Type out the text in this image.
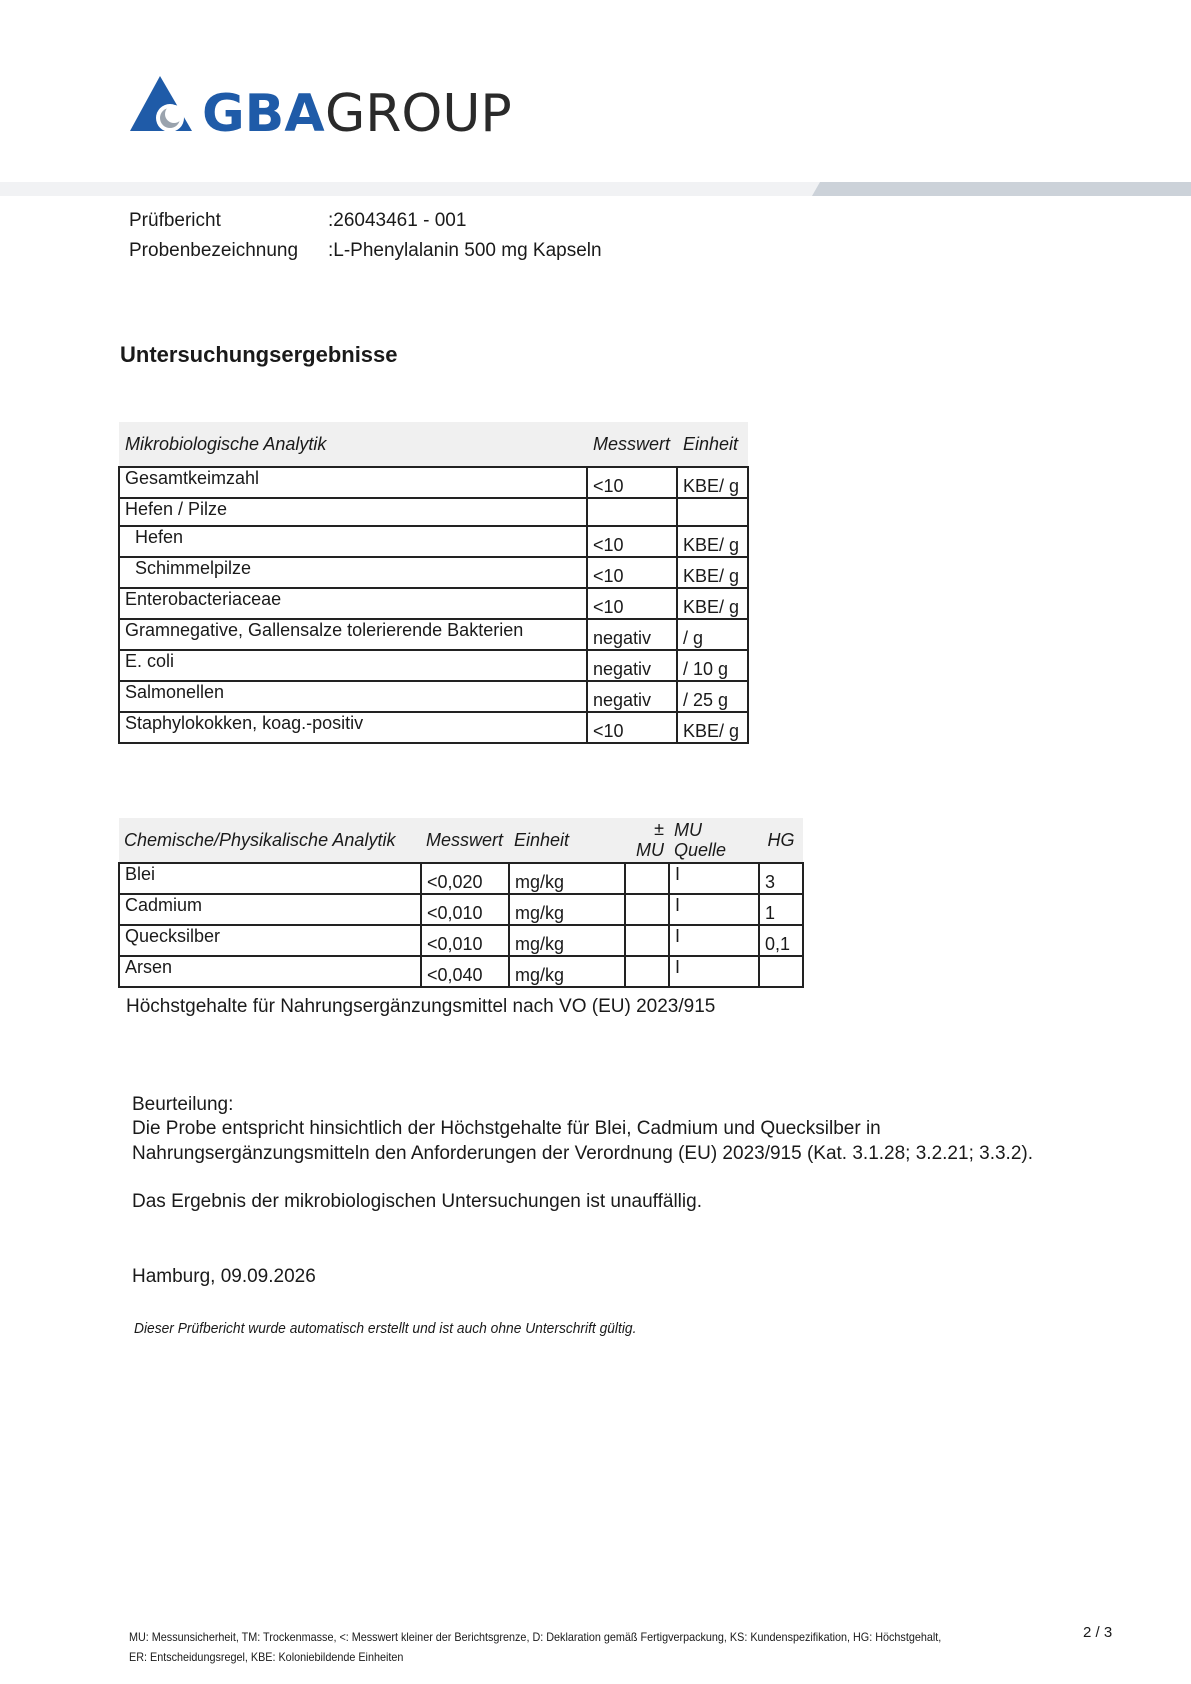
GBA GROUP
Prüfbericht	:26043461 - 001
Probenbezeichnung :L-Phenylalanin 500 mg Kapseln
Untersuchungsergebnisse
Mikrobiologische Analytik	Messwert	Einheit
Gesamtkeimzahl	<10	KBE/ g

Hefen / Pilze	

Hefen	<10	KBE/ g

Schimmelpilze	<10	KBE/ g

Enterobacteriaceae	<10	KBE/ g

Gramnegative, Gallensalze tolerierende Bakterien	negativ	/ g

E. coli	negativ	/ 10 g

Salmonellen	negativ	/ 25 g

Staphylokokken, koag.-positiv	<10	KBE/ g
Chemische/Physikalische Analytik	Messwert	Einheit	± MU	MU Quelle	HG
Blei	<0,020	mg/kg		I	3

Cadmium	<0,010	mg/kg		I	1

Quecksilber	<0,010	mg/kg		I	0,1

Arsen	<0,040	mg/kg		I	
Höchstgehalte für Nahrungsergänzungsmittel nach VO (EU) 2023/915
Beurteilung:
Die Probe entspricht hinsichtlich der Höchstgehalte für Blei, Cadmium und Quecksilber in
Nahrungsergänzungsmitteln den Anforderungen der Verordnung (EU) 2023/915 (Kat. 3.1.28; 3.2.21; 3.3.2).
Das Ergebnis der mikrobiologischen Untersuchungen ist unauffällig.
Hamburg, 09.09.2026
Dieser Prüfbericht wurde automatisch erstellt und ist auch ohne Unterschrift gültig.
MU: Messunsicherheit, TM: Trockenmasse, <: Messwert kleiner der Berichtsgrenze, D: Deklaration gemäß Fertigverpackung, KS: Kundenspezifikation, HG: Höchstgehalt,
ER: Entscheidungsregel, KBE: Koloniebildende Einheiten
2 / 3
